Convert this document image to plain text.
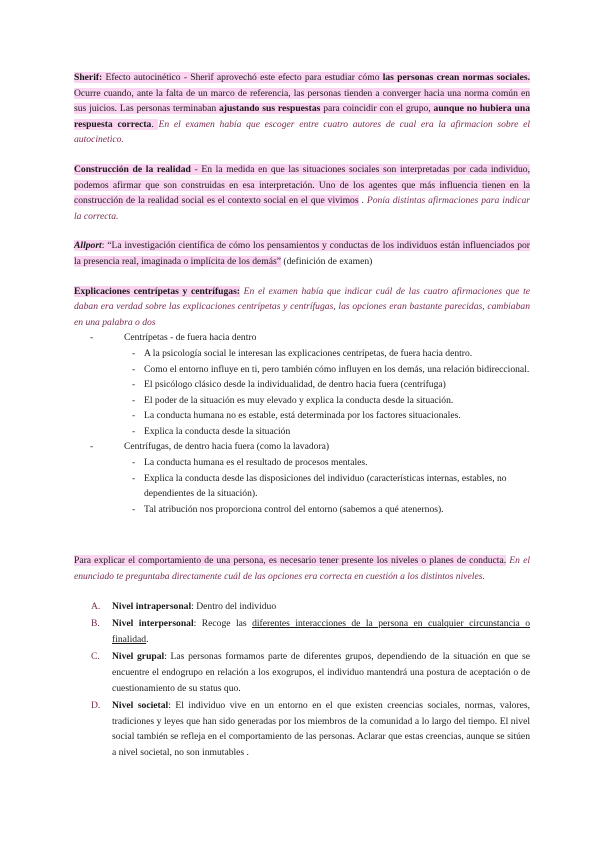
Sherif: Efecto autocinético - Sherif aprovechó este efecto para estudiar cómo las personas crean normas sociales. Ocurre cuando, ante la falta de un marco de referencia, las personas tienden a converger hacia una norma común en sus juicios. Las personas terminaban ajustando sus respuestas para coincidir con el grupo, aunque no hubiera una respuesta correcta. En el examen había que escoger entre cuatro autores de cual era la afirmacion sobre el autocinetico.

Construcción de la realidad - En la medida en que las situaciones sociales son interpretadas por cada individuo, podemos afirmar que son construidas en esa interpretación. Uno de los agentes que más influencia tienen en la construcción de la realidad social es el contexto social en el que vivimos . Ponía distintas afirmaciones para indicar la correcta.

Allport: “La investigación científica de cómo los pensamientos y conductas de los individuos están influenciados por la presencia real, imaginada o implícita de los demás” (definición de examen)

Explicaciones centrípetas y centrífugas: En el examen había que indicar cuál de las cuatro afirmaciones que te daban era verdad sobre las explicaciones centrípetas y centrífugas, las opciones eran bastante parecidas, cambiaban en una palabra o dos

- Centrípetas - de fuera hacia dentro
- A la psicología social le interesan las explicaciones centrípetas, de fuera hacia dentro.
- Como el entorno influye en ti, pero también cómo influyen en los demás, una relación bidireccional.
- El psicólogo clásico desde la individualidad, de dentro hacia fuera (centrífuga)
- El poder de la situación es muy elevado y explica la conducta desde la situación.
- La conducta humana no es estable, está determinada por los factores situacionales.
- Explica la conducta desde la situación
- Centrífugas, de dentro hacia fuera (como la lavadora)
- La conducta humana es el resultado de procesos mentales.
- Explica la conducta desde las disposiciones del individuo (características internas, estables, no dependientes de la situación).
- Tal atribución nos proporciona control del entorno (sabemos a qué atenernos).

Para explicar el comportamiento de una persona, es necesario tener presente los niveles o planes de conducta. En el enunciado te preguntaba directamente cuál de las opciones era correcta en cuestión a los distintos niveles.

A. Nivel intrapersonal: Dentro del individuo
B. Nivel interpersonal: Recoge las diferentes interacciones de la persona en cualquier circunstancia o finalidad.
C. Nivel grupal: Las personas formamos parte de diferentes grupos, dependiendo de la situación en que se encuentre el endogrupo en relación a los exogrupos, el individuo mantendrá una postura de aceptación o de cuestionamiento de su status quo.
D. Nivel societal: El individuo vive en un entorno en el que existen creencias sociales, normas, valores, tradiciones y leyes que han sido generadas por los miembros de la comunidad a lo largo del tiempo. El nivel social también se refleja en el comportamiento de las personas. Aclarar que estas creencias, aunque se sitúen a nivel societal, no son inmutables .
